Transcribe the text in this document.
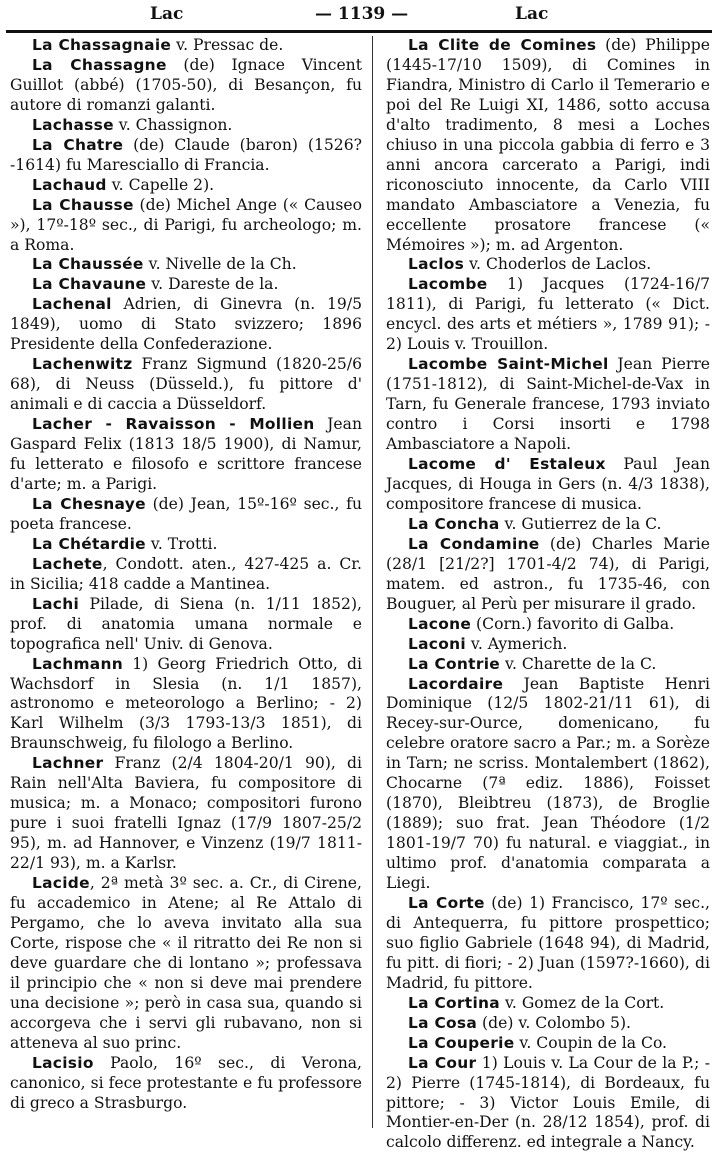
Lac	— 1139 —	Lac

La Chassagnaie v. Pressac de.

La Chassagne (de) Ignace Vincent Guillot (abbé) (1705-50), di Besançon, fu autore di romanzi galanti.

Lachasse v. Chassignon.

La Chatre (de) Claude (baron) (1526?-1614) fu Maresciallo di Francia.

Lachaud v. Capelle 2).

La Chausse (de) Michel Ange (« Causeo »), 17º-18º sec., di Parigi, fu archeologo; m. a Roma.

La Chaussée v. Nivelle de la Ch.

La Chavaune v. Dareste de la.

Lachenal Adrien, di Ginevra (n. 19/5 1849), uomo di Stato svizzero; 1896 Presidente della Confederazione.

Lachenwitz Franz Sigmund (1820-25/6 68), di Neuss (Düsseld.), fu pittore d' animali e di caccia a Düsseldorf.

Lacher - Ravaisson - Mollien Jean Gaspard Felix (1813 18/5 1900), di Namur, fu letterato e filosofo e scrittore francese d'arte; m. a Parigi.

La Chesnaye (de) Jean, 15º-16º sec., fu poeta francese.

La Chétardie v. Trotti.

Lachete, Condott. aten., 427-425 a. Cr. in Sicilia; 418 cadde a Mantinea.

Lachi Pilade, di Siena (n. 1/11 1852), prof. di anatomia umana normale e topografica nell' Univ. di Genova.

Lachmann 1) Georg Friedrich Otto, di Wachsdorf in Slesia (n. 1/1 1857), astronomo e meteorologo a Berlino; - 2) Karl Wilhelm (3/3 1793-13/3 1851), di Braunschweig, fu filologo a Berlino.

Lachner Franz (2/4 1804-20/1 90), di Rain nell'Alta Baviera, fu compositore di musica; m. a Monaco; compositori furono pure i suoi fratelli Ignaz (17/9 1807-25/2 95), m. ad Hannover, e Vinzenz (19/7 1811-22/1 93), m. a Karlsr.

Lacide, 2ª metà 3º sec. a. Cr., di Cirene, fu accademico in Atene; al Re Attalo di Pergamo, che lo aveva invitato alla sua Corte, rispose che « il ritratto dei Re non si deve guardare che di lontano »; professava il principio che « non si deve mai prendere una decisione »; però in casa sua, quando si accorgeva che i servi gli rubavano, non si atteneva al suo princ.

Lacisio Paolo, 16º sec., di Verona, canonico, si fece protestante e fu professore di greco a Strasburgo.

La Clite de Comines (de) Philippe (1445-17/10 1509), di Comines in Fiandra, Ministro di Carlo il Temerario e poi del Re Luigi XI, 1486, sotto accusa d'alto tradimento, 8 mesi a Loches chiuso in una piccola gabbia di ferro e 3 anni ancora carcerato a Parigi, indi riconosciuto innocente, da Carlo VIII mandato Ambasciatore a Venezia, fu eccellente prosatore francese (« Mémoires »); m. ad Argenton.

Laclos v. Choderlos de Laclos.

Lacombe 1) Jacques (1724-16/7 1811), di Parigi, fu letterato (« Dict. encycl. des arts et métiers », 1789 91); - 2) Louis v. Trouillon.

Lacombe Saint-Michel Jean Pierre (1751-1812), di Saint-Michel-de-Vax in Tarn, fu Generale francese, 1793 inviato contro i Corsi insorti e 1798 Ambasciatore a Napoli.

Lacome d' Estaleux Paul Jean Jacques, di Houga in Gers (n. 4/3 1838), compositore francese di musica.

La Concha v. Gutierrez de la C.

La Condamine (de) Charles Marie (28/1 [21/2?] 1701-4/2 74), di Parigi, matem. ed astron., fu 1735-46, con Bouguer, al Perù per misurare il grado.

Lacone (Corn.) favorito di Galba.

Laconi v. Aymerich.

La Contrie v. Charette de la C.

Lacordaire Jean Baptiste Henri Dominique (12/5 1802-21/11 61), di Recey-sur-Ource, domenicano, fu celebre oratore sacro a Par.; m. a Sorèze in Tarn; ne scriss. Montalembert (1862), Chocarne (7ª ediz. 1886), Foisset (1870), Bleibtreu (1873), de Broglie (1889); suo frat. Jean Théodore (1/2 1801-19/7 70) fu natural. e viaggiat., in ultimo prof. d'anatomia comparata a Liegi.

La Corte (de) 1) Francisco, 17º sec., di Antequerra, fu pittore prospettico; suo figlio Gabriele (1648 94), di Madrid, fu pitt. di fiori; - 2) Juan (1597?-1660), di Madrid, fu pittore.

La Cortina v. Gomez de la Cort.

La Cosa (de) v. Colombo 5).

La Couperie v. Coupin de la Co.

La Cour 1) Louis v. La Cour de la P.; - 2) Pierre (1745-1814), di Bordeaux, fu pittore; - 3) Victor Louis Emile, di Montier-en-Der (n. 28/12 1854), prof. di calcolo differenz. ed integrale a Nancy.
